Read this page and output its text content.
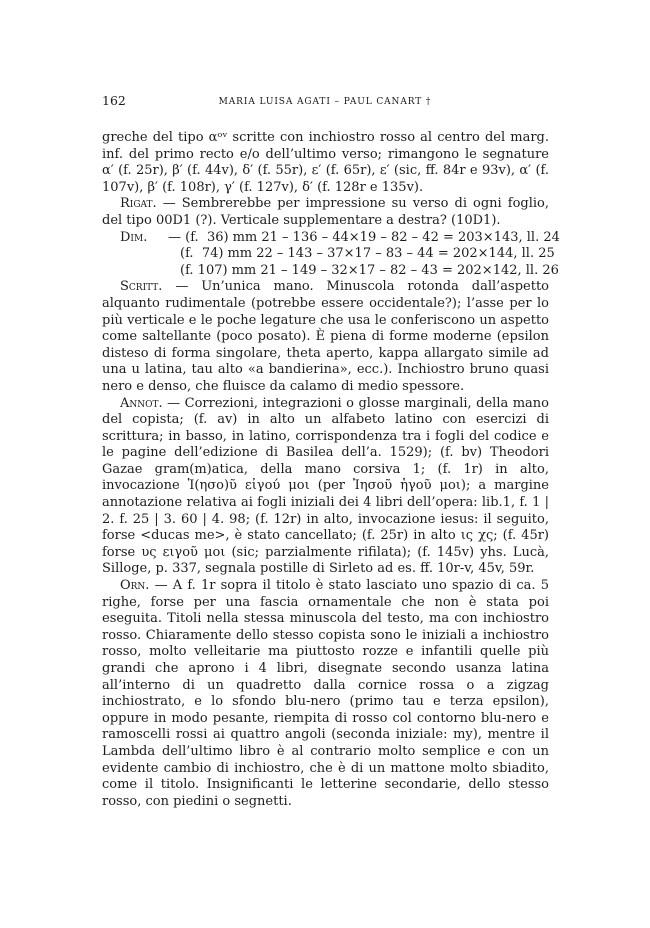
162	MARIA LUISA AGATI – PAUL CANART †

greche del tipo αᵒᵛ scritte con inchiostro rosso al centro del marg. inf. del primo recto e/o dell’ultimo verso; rimangono le segnature α′ (f. 25r), β′ (f. 44v), δ′ (f. 55r), ε′ (f. 65r), ε′ (sic, ff. 84r e 93v), α′ (f. 107v), β′ (f. 108r), γ′ (f. 127v), δ′ (f. 128r e 135v).

Rigat. — Sembrerebbe per impressione su verso di ogni foglio, del tipo 00D1 (?). Verticale supplementare a destra? (10D1).

Dim.	— (f.  36) mm 21 – 136 – 44×19 – 82 – 42 = 203×143, ll. 24
(f.  74) mm 22 – 143 – 37×17 – 83 – 44 = 202×144, ll. 25
(f. 107) mm 21 – 149 – 32×17 – 82 – 43 = 202×142, ll. 26

Scritt. — Un’unica mano. Minuscola rotonda dall’aspetto alquanto rudimentale (potrebbe essere occidentale?); l’asse per lo più verticale e le poche legature che usa le conferiscono un aspetto come saltellante (poco posato). È piena di forme moderne (epsilon disteso di forma singolare, theta aperto, kappa allargato simile ad una u latina, tau alto «a bandierina», ecc.). Inchiostro bruno quasi nero e denso, che fluisce da calamo di medio spessore.

Annot. — Correzioni, integrazioni o glosse marginali, della mano del copista; (f. av) in alto un alfabeto latino con esercizi di scrittura; in basso, in latino, corrispondenza tra i fogli del codice e le pagine dell’edizione di Basilea dell’a. 1529); (f. bv) Theodori Gazae gram(m)atica, della mano corsiva 1; (f. 1r) in alto, invocazione Ἰ(ησο)ῦ εἰγού μοι (per Ἰησοῦ ἡγοῦ μοι); a margine annotazione relativa ai fogli iniziali dei 4 libri dell’opera: lib.1, f. 1 | 2. f. 25 | 3. 60 | 4. 98; (f. 12r) in alto, invocazione iesus: il seguito, forse <ducas me>, è stato cancellato; (f. 25r) in alto ις χς; (f. 45r) forse υς ειγοῦ μοι (sic; parzialmente rifilata); (f. 145v) yhs. Lucà, Silloge, p. 337, segnala postille di Sirleto ad es. ff. 10r-v, 45v, 59r.

Orn. — A f. 1r sopra il titolo è stato lasciato uno spazio di ca. 5 righe, forse per una fascia ornamentale che non è stata poi eseguita. Titoli nella stessa minuscola del testo, ma con inchiostro rosso. Chiaramente dello stesso copista sono le iniziali a inchiostro rosso, molto velleitarie ma piuttosto rozze e infantili quelle più grandi che aprono i 4 libri, disegnate secondo usanza latina all’interno di un quadretto dalla cornice rossa o a zigzag inchiostrato, e lo sfondo blu-nero (primo tau e terza epsilon), oppure in modo pesante, riempita di rosso col contorno blu-nero e ramoscelli rossi ai quattro angoli (seconda iniziale: my), mentre il Lambda dell’ultimo libro è al contrario molto semplice e con un evidente cambio di inchiostro, che è di un mattone molto sbiadito, come il titolo. Insignificanti le letterine secondarie, dello stesso rosso, con piedini o segnetti.
